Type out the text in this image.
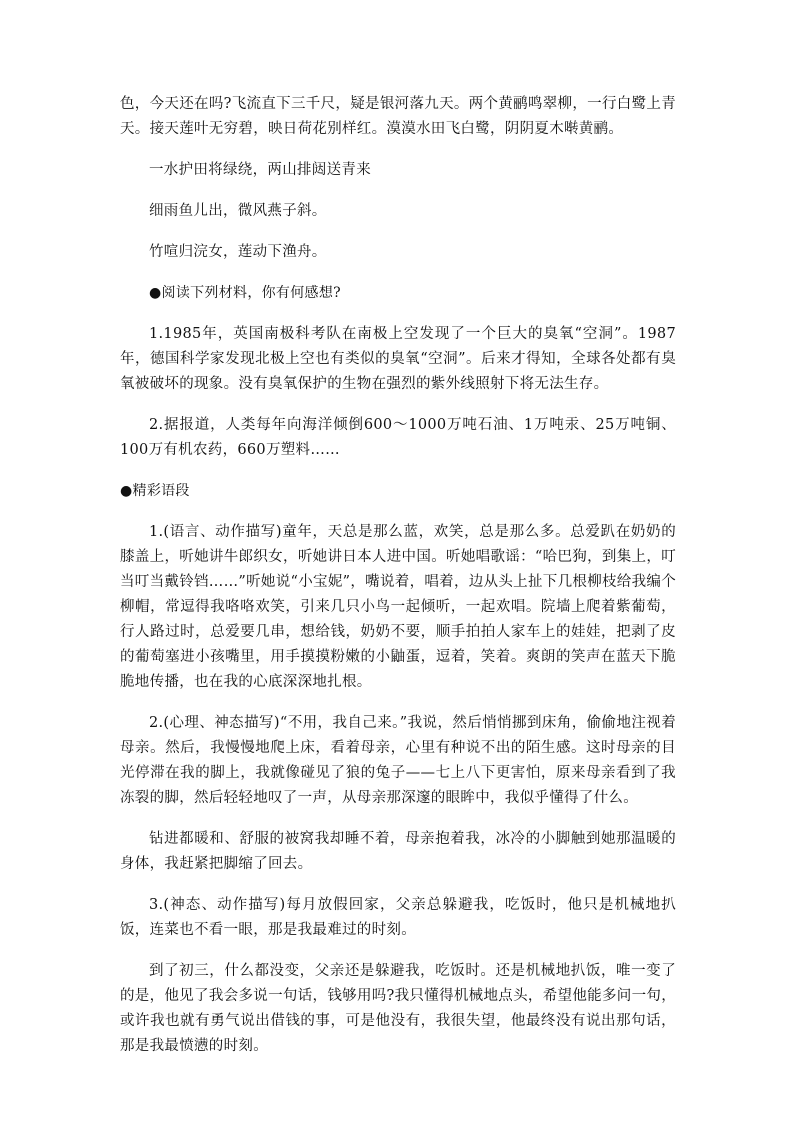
色，今天还在吗?飞流直下三千尺，疑是银河落九天。两个黄鹂鸣翠柳，一行白鹭上青天。接天莲叶无穷碧，映日荷花别样红。漠漠水田飞白鹭，阴阴夏木啭黄鹂。

一水护田将绿绕，两山排闼送青来

细雨鱼儿出，微风燕子斜。

竹喧归浣女，莲动下渔舟。

●阅读下列材料，你有何感想?

1.1985年，英国南极科考队在南极上空发现了一个巨大的臭氧“空洞”。1987年，德国科学家发现北极上空也有类似的臭氧“空洞”。后来才得知，全球各处都有臭氧被破坏的现象。没有臭氧保护的生物在强烈的紫外线照射下将无法生存。

2.据报道，人类每年向海洋倾倒600～1000万吨石油、1万吨汞、25万吨铜、100万有机农药，660万塑料……

●精彩语段

1.(语言、动作描写)童年，天总是那么蓝，欢笑，总是那么多。总爱趴在奶奶的膝盖上，听她讲牛郎织女，听她讲日本人进中国。听她唱歌谣：“哈巴狗，到集上，叮当叮当戴铃铛……”听她说“小宝妮”，嘴说着，唱着，边从头上扯下几根柳枝给我编个柳帽，常逗得我咯咯欢笑，引来几只小鸟一起倾听，一起欢唱。院墙上爬着紫葡萄，行人路过时，总爱要几串，想给钱，奶奶不要，顺手拍拍人家车上的娃娃，把剥了皮的葡萄塞进小孩嘴里，用手摸摸粉嫩的小鼬蛋，逗着，笑着。爽朗的笑声在蓝天下脆脆地传播，也在我的心底深深地扎根。

2.(心理、神态描写)“不用，我自己来。”我说，然后悄悄挪到床角，偷偷地注视着母亲。然后，我慢慢地爬上床，看着母亲，心里有种说不出的陌生感。这时母亲的目光停滞在我的脚上，我就像碰见了狼的兔子——七上八下更害怕，原来母亲看到了我冻裂的脚，然后轻轻地叹了一声，从母亲那深邃的眼眸中，我似乎懂得了什么。

钻进都暖和、舒服的被窝我却睡不着，母亲抱着我，冰冷的小脚触到她那温暖的身体，我赶紧把脚缩了回去。

3.(神态、动作描写)每月放假回家，父亲总躲避我，吃饭时，他只是机械地扒饭，连菜也不看一眼，那是我最难过的时刻。

到了初三，什么都没变，父亲还是躲避我，吃饭时。还是机械地扒饭，唯一变了的是，他见了我会多说一句话，钱够用吗?我只懂得机械地点头，希望他能多问一句，或许我也就有勇气说出借钱的事，可是他没有，我很失望，他最终没有说出那句话，那是我最愤懑的时刻。
